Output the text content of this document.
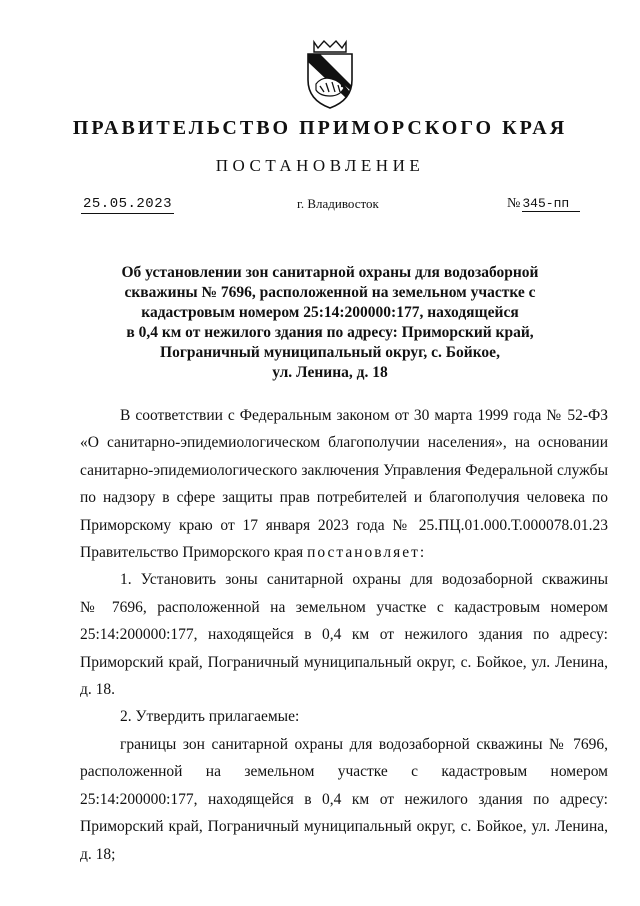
ПРАВИТЕЛЬСТВО ПРИМОРСКОГО КРАЯ
ПОСТАНОВЛЕНИЕ
25.05.2023	г. Владивосток	№ 345-пп
Об установлении зон санитарной охраны для водозаборной
скважины № 7696, расположенной на земельном участке с
кадастровым номером 25:14:200000:177, находящейся
в 0,4 км от нежилого здания по адресу: Приморский край,
Пограничный муниципальный округ, с. Бойкое,
ул. Ленина, д. 18
В соответствии с Федеральным законом от 30 марта 1999 года № 52-ФЗ
«О санитарно-эпидемиологическом благополучии населения», на основании
санитарно-эпидемиологического заключения Управления Федеральной службы
по надзору в сфере защиты прав потребителей и благополучия человека по
Приморскому краю от 17 января 2023 года № 25.ПЦ.01.000.Т.000078.01.23
Правительство Приморского края постановляет:
1. Установить зоны санитарной охраны для водозаборной скважины
№ 7696, расположенной на земельном участке с кадастровым номером
25:14:200000:177, находящейся в 0,4 км от нежилого здания по адресу:
Приморский край, Пограничный муниципальный округ, с. Бойкое, ул. Ленина,
д. 18.
2. Утвердить прилагаемые:
границы зон санитарной охраны для водозаборной скважины № 7696,
расположенной на земельном участке с кадастровым номером
25:14:200000:177, находящейся в 0,4 км от нежилого здания по адресу:
Приморский край, Пограничный муниципальный округ, с. Бойкое, ул. Ленина,
д. 18;
